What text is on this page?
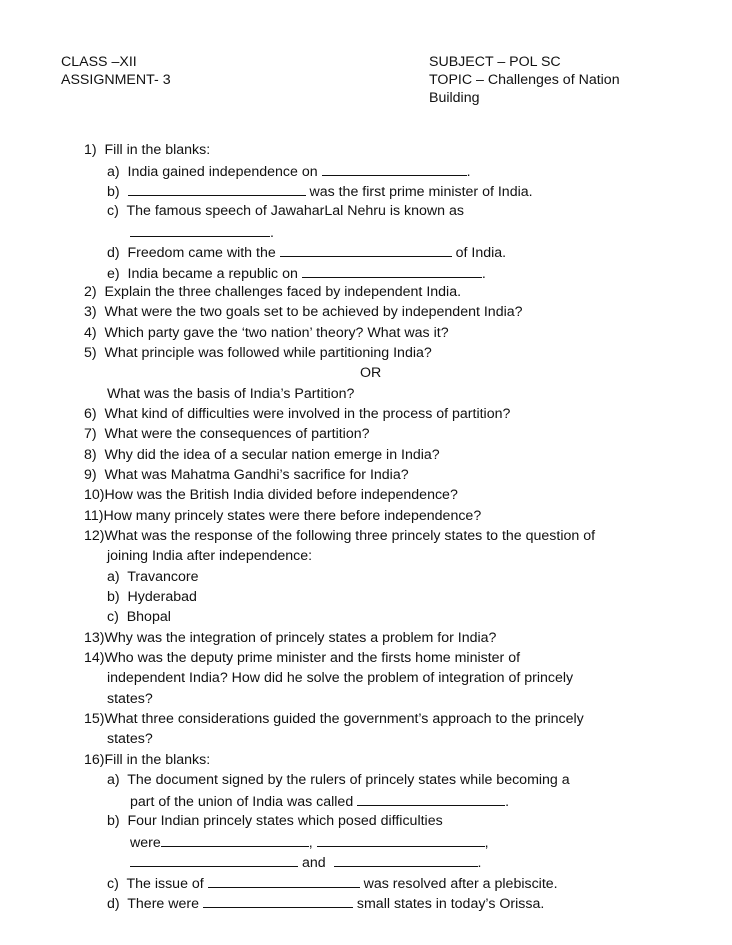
CLASS –XII
ASSIGNMENT- 3
SUBJECT – POL SC
TOPIC – Challenges of Nation Building
1)  Fill in the blanks:
a)  India gained independence on	.
b)	was the first prime minister of India.
c)  The famous speech of JawaharLal Nehru is known as
.
d)  Freedom came with the	of India.
e)  India became a republic on	.
2)  Explain the three challenges faced by independent India.
3)  What were the two goals set to be achieved by independent India?
4)  Which party gave the ‘two nation’ theory? What was it?
5)  What principle was followed while partitioning India?
OR
What was the basis of India’s Partition?
6)  What kind of difficulties were involved in the process of partition?
7)  What were the consequences of partition?
8)  Why did the idea of a secular nation emerge in India?
9)  What was Mahatma Gandhi’s sacrifice for India?
10)How was the British India divided before independence?
11)How many princely states were there before independence?
12)What was the response of the following three princely states to the question of
joining India after independence:
a)  Travancore
b)  Hyderabad
c)  Bhopal
13)Why was the integration of princely states a problem for India?
14)Who was the deputy prime minister and the firsts home minister of
independent India? How did he solve the problem of integration of princely
states?
15)What three considerations guided the government’s approach to the princely
states?
16)Fill in the blanks:
a)  The document signed by the rulers of princely states while becoming a
part of the union of India was called	.
b)  Four Indian princely states which posed difficulties
were	,	,
and	.
c)  The issue of	was resolved after a plebiscite.
d)  There were	small states in today’s Orissa.
